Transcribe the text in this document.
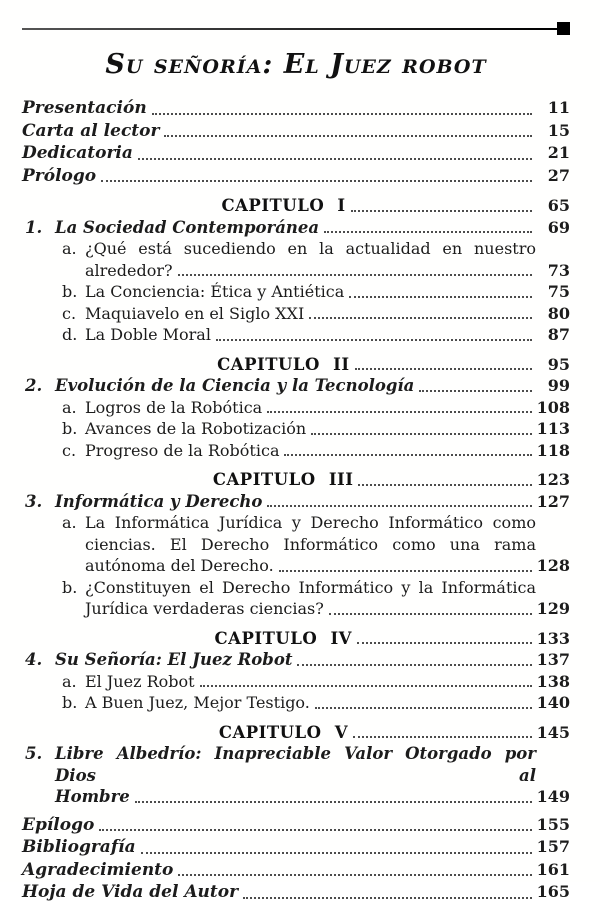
Su señoría: El Juez robot
Presentación	11
Carta al lector	15
Dedicatoria	21
Prólogo	27
CAPITULO I	65
1. La Sociedad Contemporánea	69
a. ¿Qué está sucediendo en la actualidad en nuestro
alrededor?	73
b. La Conciencia: Ética y Antiética	75
c. Maquiavelo en el Siglo XXI	80
d. La Doble Moral	87
CAPITULO II	95
2. Evolución de la Ciencia y la Tecnología	99
a. Logros de la Robótica	108
b. Avances de la Robotización	113
c. Progreso de la Robótica	118
CAPITULO III	123
3. Informática y Derecho	127
a. La Informática Jurídica y Derecho Informático como
ciencias. El Derecho Informático como una rama
autónoma del Derecho.	128
b. ¿Constituyen el Derecho Informático y la Informática
Jurídica verdaderas ciencias?	129
CAPITULO IV	133
4. Su Señoría: El Juez Robot	137
a. El Juez Robot	138
b. A Buen Juez, Mejor Testigo.	140
CAPITULO V	145
5. Libre Albedrío: Inapreciable Valor Otorgado por Dios al
Hombre	149
Epílogo	155
Bibliografía	157
Agradecimiento	161
Hoja de Vida del Autor	165
